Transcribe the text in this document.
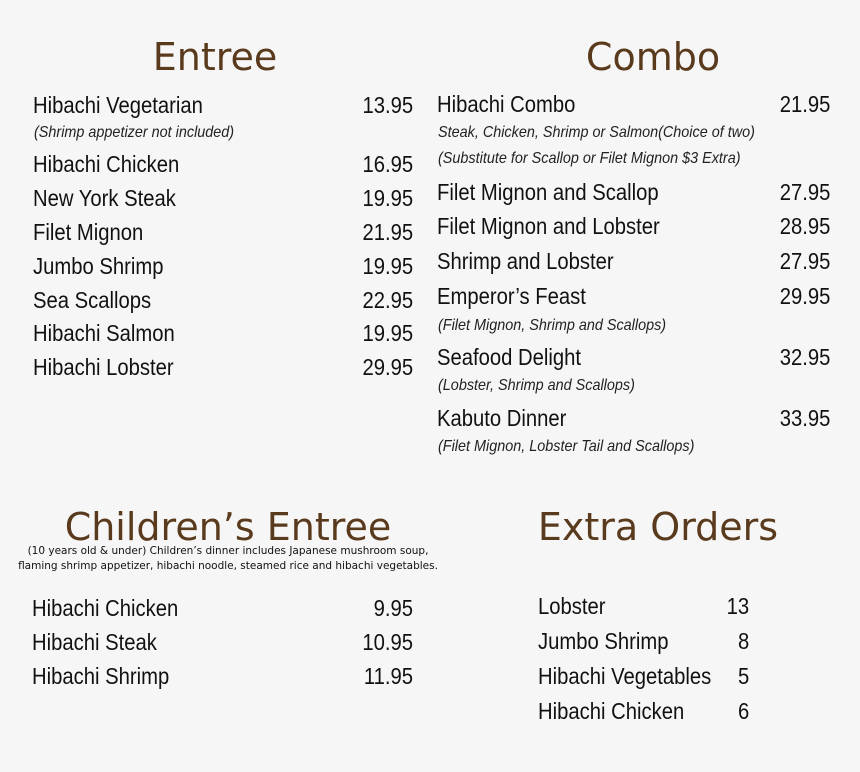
Entree
Hibachi Vegetarian	13.95
(Shrimp appetizer not included)
Hibachi Chicken	16.95
New York Steak	19.95
Filet Mignon	21.95
Jumbo Shrimp	19.95
Sea Scallops	22.95
Hibachi Salmon	19.95
Hibachi Lobster	29.95
Combo
Hibachi Combo	21.95
Steak, Chicken, Shrimp or Salmon(Choice of two)
(Substitute for Scallop or Filet Mignon $3 Extra)
Filet Mignon and Scallop	27.95
Filet Mignon and Lobster	28.95
Shrimp and Lobster	27.95
Emperor’s Feast	29.95
(Filet Mignon, Shrimp and Scallops)
Seafood Delight	32.95
(Lobster, Shrimp and Scallops)
Kabuto Dinner	33.95
(Filet Mignon, Lobster Tail and Scallops)
Children’s Entree
(10 years old & under) Children’s dinner includes Japanese mushroom soup,
flaming shrimp appetizer, hibachi noodle, steamed rice and hibachi vegetables.
Hibachi Chicken	9.95
Hibachi Steak	10.95
Hibachi Shrimp	11.95
Extra Orders
Lobster	13
Jumbo Shrimp	8
Hibachi Vegetables 5
Hibachi Chicken 6
